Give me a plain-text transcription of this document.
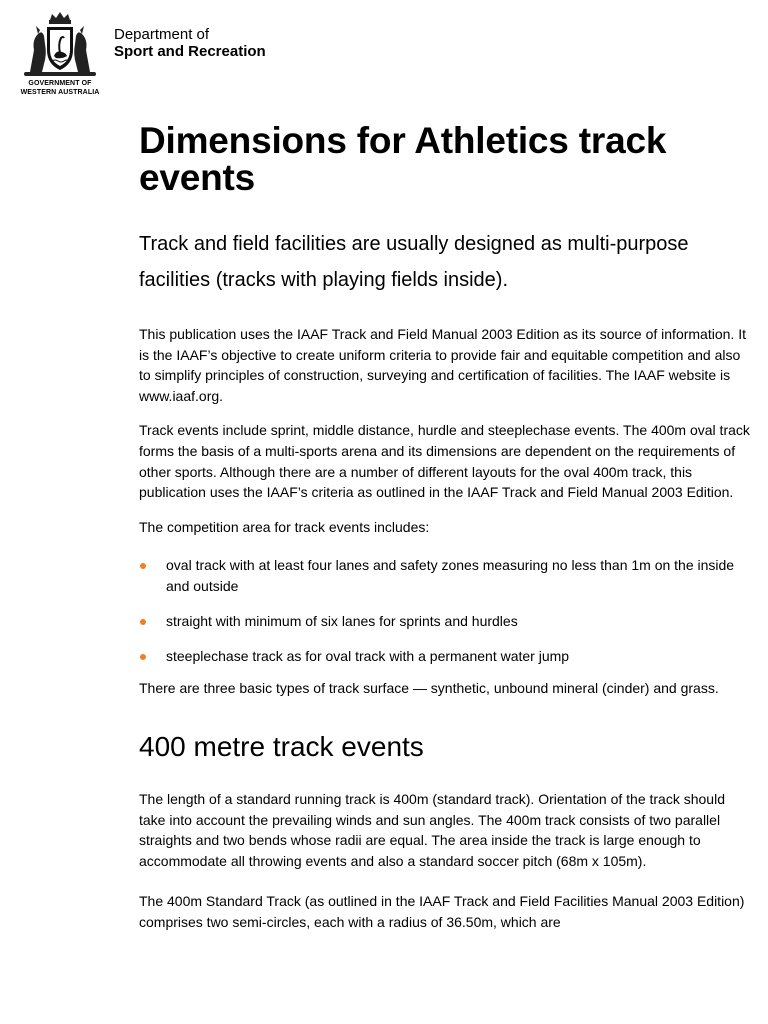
GOVERNMENT OF
WESTERN AUSTRALIA
Department of
Sport and Recreation
Dimensions for Athletics track events

Track and field facilities are usually designed as multi-purpose facilities (tracks with playing fields inside).

This publication uses the IAAF Track and Field Manual 2003 Edition as its source of information. It is the IAAF’s objective to create uniform criteria to provide fair and equitable competition and also to simplify principles of construction, surveying and certification of facilities. The IAAF website is www.iaaf.org.

Track events include sprint, middle distance, hurdle and steeplechase events. The 400m oval track forms the basis of a multi-sports arena and its dimensions are dependent on the requirements of other sports. Although there are a number of different layouts for the oval 400m track, this publication uses the IAAF’s criteria as outlined in the IAAF Track and Field Manual 2003 Edition.

The competition area for track events includes:

oval track with at least four lanes and safety zones measuring no less than 1m on the inside and outside
straight with minimum of six lanes for sprints and hurdles
steeplechase track as for oval track with a permanent water jump

There are three basic types of track surface — synthetic, unbound mineral (cinder) and grass.

400 metre track events

The length of a standard running track is 400m (standard track). Orientation of the track should take into account the prevailing winds and sun angles. The 400m track consists of two parallel straights and two bends whose radii are equal. The area inside the track is large enough to accommodate all throwing events and also a standard soccer pitch (68m x 105m).

The 400m Standard Track (as outlined in the IAAF Track and Field Facilities Manual 2003 Edition) comprises two semi-circles, each with a radius of 36.50m, which are
